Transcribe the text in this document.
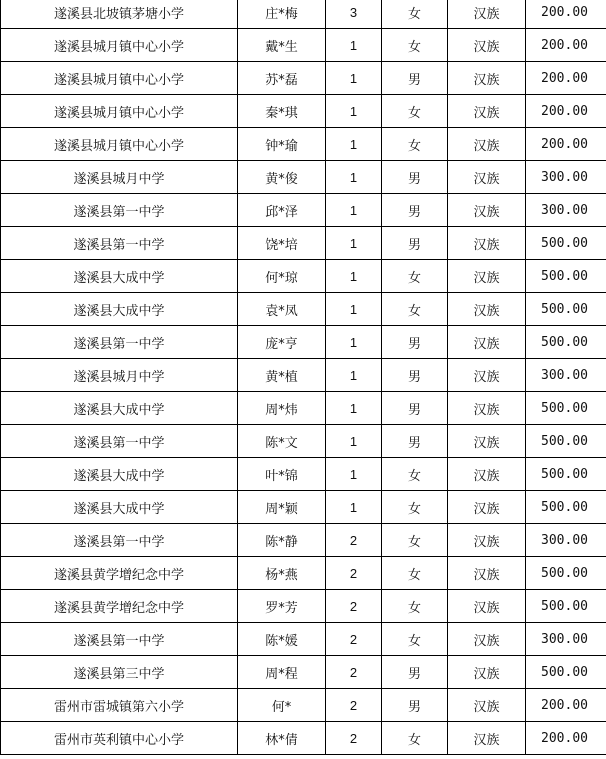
遂溪县北坡镇茅塘小学	庄*梅	3	女	汉族	200.00
遂溪县城月镇中心小学	戴*生	1	女	汉族	200.00
遂溪县城月镇中心小学	苏*磊	1	男	汉族	200.00
遂溪县城月镇中心小学	秦*琪	1	女	汉族	200.00
遂溪县城月镇中心小学	钟*瑜	1	女	汉族	200.00
遂溪县城月中学	黄*俊	1	男	汉族	300.00
遂溪县第一中学	邱*泽	1	男	汉族	300.00
遂溪县第一中学	饶*培	1	男	汉族	500.00
遂溪县大成中学	何*琼	1	女	汉族	500.00
遂溪县大成中学	袁*凤	1	女	汉族	500.00
遂溪县第一中学	庞*亨	1	男	汉族	500.00
遂溪县城月中学	黄*植	1	男	汉族	300.00
遂溪县大成中学	周*炜	1	男	汉族	500.00
遂溪县第一中学	陈*文	1	男	汉族	500.00
遂溪县大成中学	叶*锦	1	女	汉族	500.00
遂溪县大成中学	周*颖	1	女	汉族	500.00
遂溪县第一中学	陈*静	2	女	汉族	300.00
遂溪县黄学增纪念中学	杨*燕	2	女	汉族	500.00
遂溪县黄学增纪念中学	罗*芳	2	女	汉族	500.00
遂溪县第一中学	陈*媛	2	女	汉族	300.00
遂溪县第三中学	周*程	2	男	汉族	500.00
雷州市雷城镇第六小学	何*	2	男	汉族	200.00
雷州市英利镇中心小学	林*倩	2	女	汉族	200.00
